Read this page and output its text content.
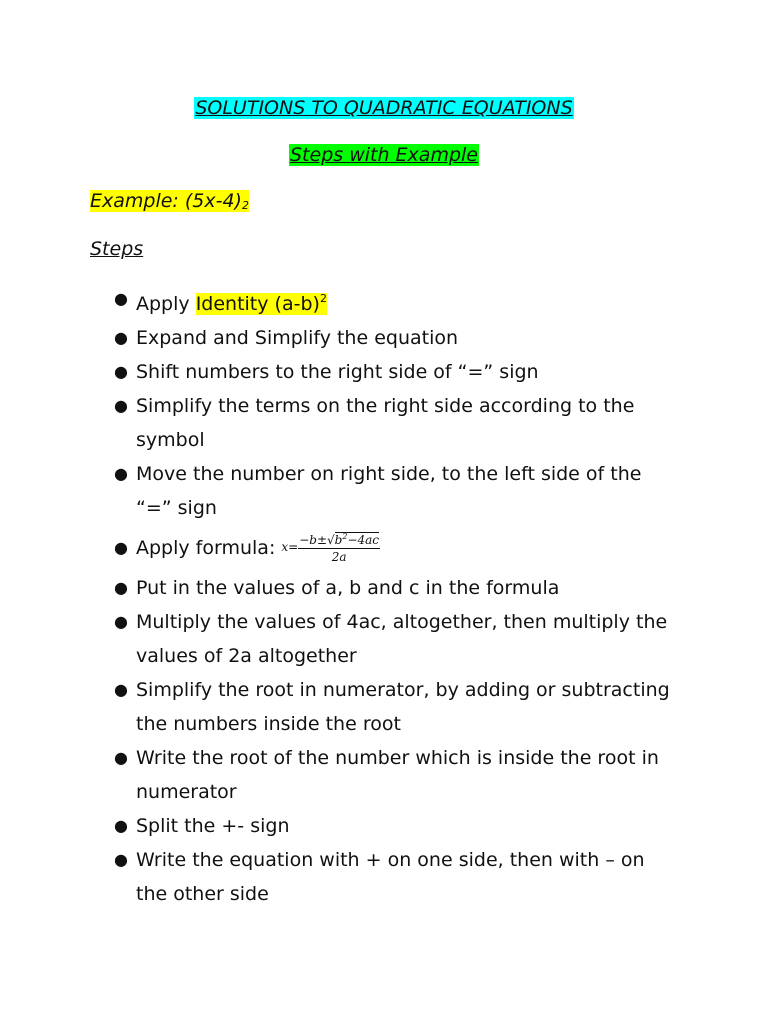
SOLUTIONS TO QUADRATIC EQUATIONS
Steps with Example
Example: $(5x-4)_2$
Steps
● Apply Identity $(a-b)^2$
● Expand and Simplify the equation
● Shift numbers to the right side of “=” sign
● Simplify the terms on the right side according to the symbol
● Move the number on right side, to the left side of the “=” sign
● Apply formula: $x= \frac{-b\pm√b^2-4ac}{2a}$
● Put in the values of a, b and c in the formula
● Multiply the values of 4ac, altogether, then multiply the values of 2a altogether
● Simplify the root in numerator, by adding or subtracting the numbers inside the root
● Write the root of the number which is inside the root in numerator
● Split the +- sign
● Write the equation with + on one side, then with – on the other side
